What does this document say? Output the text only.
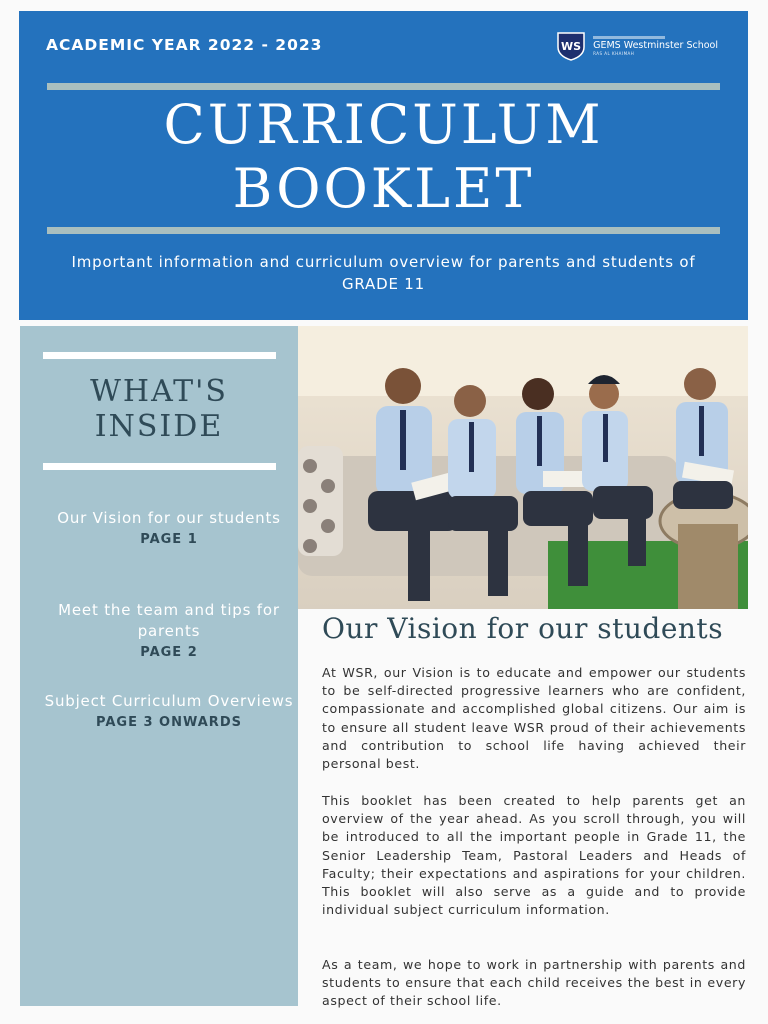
ACADEMIC YEAR 2022 - 2023	WS GEMS Westminster School
RAS AL KHAIMAH
CURRICULUM
BOOKLET
Important information and curriculum overview for parents and students of GRADE 11
WHAT'S
INSIDE
Our Vision for our students
PAGE 1
Meet the team and tips for parents
PAGE 2
Subject Curriculum Overviews
PAGE 3 ONWARDS
Our Vision for our students

At WSR, our Vision is to educate and empower our students to be self-directed progressive learners who are confident, compassionate and accomplished global citizens. Our aim is to ensure all student leave WSR proud of their achievements and contribution to school life having achieved their personal best.

This booklet has been created to help parents get an overview of the year ahead. As you scroll through, you will be introduced to all the important people in Grade 11, the Senior Leadership Team, Pastoral Leaders and Heads of Faculty; their expectations and aspirations for your children. This booklet will also serve as a guide and to provide individual subject curriculum information.

As a team, we hope to work in partnership with parents and students to ensure that each child receives the best in every aspect of their school life.
